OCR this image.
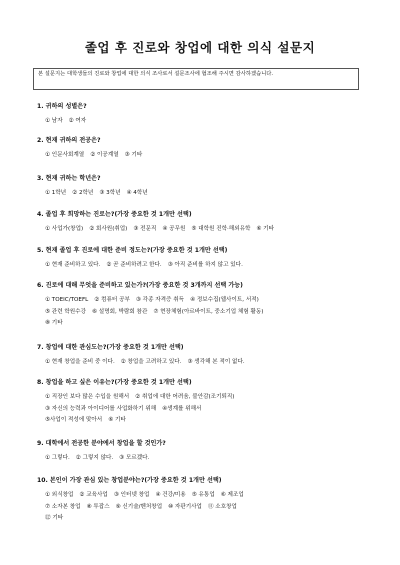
졸업 후 진로와 창업에 대한 의식 설문지
본 설문지는 대학생들의 진로와 창업에 대한 의식 조사로서 설문조사에 협조해 주시면 감사하겠습니다.
1. 귀하의 성별은?
① 남자 ② 여자
2. 현재 귀하의 전공은?
① 인문사회계열 ② 이공계열 ③ 기타
3. 현재 귀하는 학년은?
① 1학년 ② 2학년 ③ 3학년 ④ 4학년
4. 졸업 후 희망하는 진로는?(가장 중요한 것 1개만 선택)
① 사업가(창업) ② 회사원(취업) ③ 전문직 ④ 공무원 ⑤ 대학원 진학·해외유학 ⑥ 기타
5. 현재 졸업 후 진로에 대한 준비 정도는?(가장 중요한 것 1개만 선택)
① 현재 준비하고 있다. ② 곧 준비하려고 한다. ③ 아직 준비를 하지 않고 있다.
6. 진로에 대해 무엇을 준비하고 있는가?(가장 중요한 것 3개까지 선택 가능)
① TOEIC/TOEFL ② 컴퓨터 공부 ③ 각종 자격증 취득 ④ 정보수집(웹사이트, 서적)
⑤ 관련 학원수강 ⑥ 설명회, 박람회 참관 ⑦ 현장체험(아르바이트, 중소기업 체험 활동)
⑧ 기타
7. 창업에 대한 관심도는?(가장 중요한 것 1개만 선택)
① 현재 창업을 준비 중 이다. ② 창업을 고려하고 있다. ③ 생각해 본 적이 없다.
8. 창업을 하고 싶은 이유는?(가장 중요한 것 1개만 선택)
① 직장인 보다 많은 수입을 원해서 ② 취업에 대한 어려움, 불안감(조기퇴직)
③ 자신의 능력과 아이디어를 사업화하기 위해 ④생계를 위해서
⑤사업이 적성에 맞아서 ⑥ 기타
9. 대학에서 전공한 분야에서 창업을 할 것인가?
① 그렇다. ② 그렇지 않다. ③ 모르겠다.
10. 본인이 가장 관심 있는 창업분야는?(가장 중요한 것 1개만 선택)
① 외식창업 ② 교육사업 ③ 인터넷 창업 ④ 건강/미용 ⑤ 유통업 ⑥ 제조업
⑦ 소자본 창업 ⑧ 투잡스 ⑨ 신기술/벤처창업 ⑩ 자판기사업 ⑪ 소호창업
⑫ 기타
